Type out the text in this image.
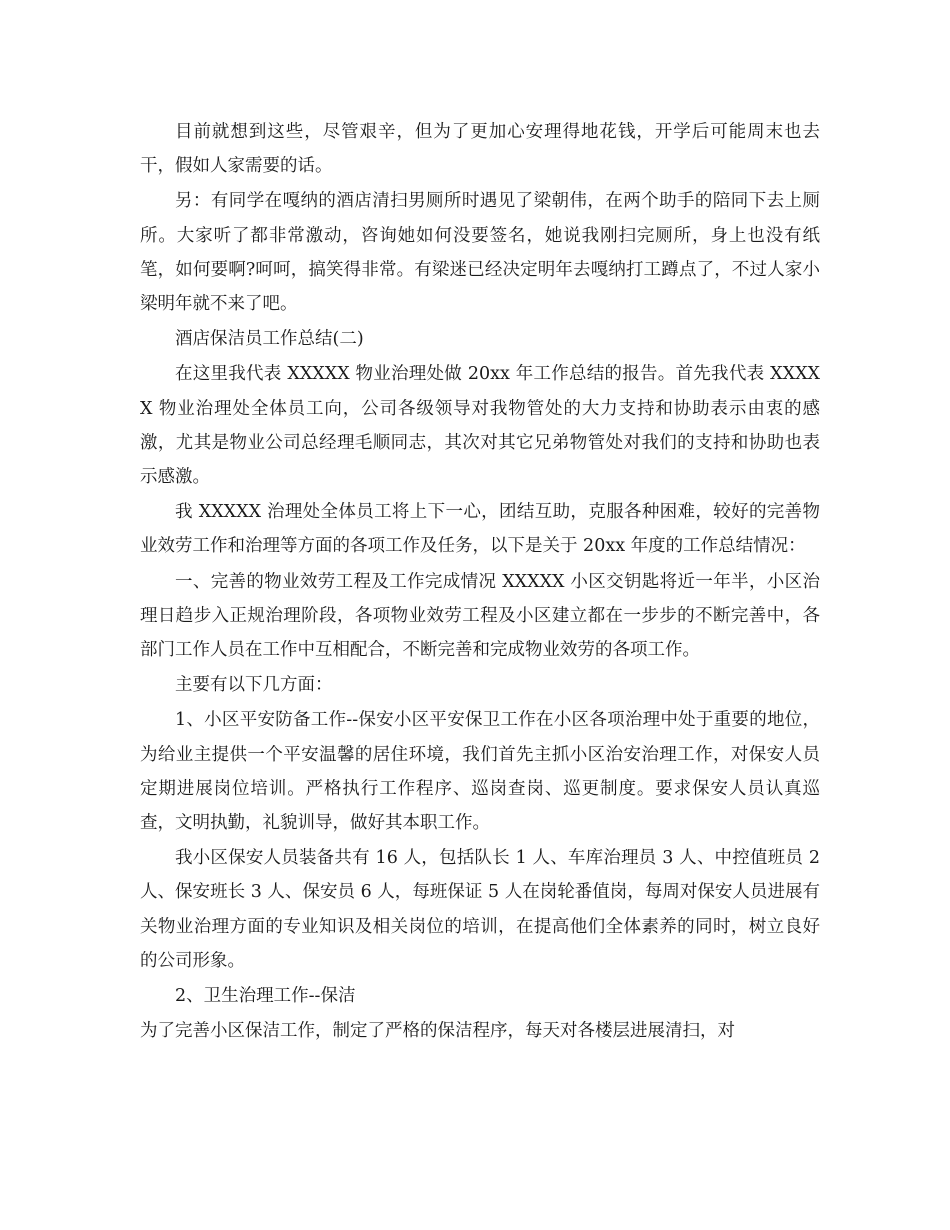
目前就想到这些，尽管艰辛，但为了更加心安理得地花钱，开学后可能周末也去干，假如人家需要的话。

另：有同学在嘎纳的酒店清扫男厕所时遇见了梁朝伟，在两个助手的陪同下去上厕所。大家听了都非常激动，咨询她如何没要签名，她说我刚扫完厕所，身上也没有纸笔，如何要啊?呵呵，搞笑得非常。有梁迷已经决定明年去嘎纳打工蹲点了，不过人家小梁明年就不来了吧。

酒店保洁员工作总结(二)

在这里我代表 XXXXX 物业治理处做 20xx 年工作总结的报告。首先我代表 XXXXX 物业治理处全体员工向，公司各级领导对我物管处的大力支持和协助表示由衷的感激，尤其是物业公司总经理毛顺同志，其次对其它兄弟物管处对我们的支持和协助也表示感激。

我 XXXXX 治理处全体员工将上下一心，团结互助，克服各种困难，较好的完善物业效劳工作和治理等方面的各项工作及任务，以下是关于 20xx 年度的工作总结情况：

一、完善的物业效劳工程及工作完成情况 XXXXX 小区交钥匙将近一年半，小区治理日趋步入正规治理阶段，各项物业效劳工程及小区建立都在一步步的不断完善中，各部门工作人员在工作中互相配合，不断完善和完成物业效劳的各项工作。

主要有以下几方面：

1、小区平安防备工作--保安小区平安保卫工作在小区各项治理中处于重要的地位，为给业主提供一个平安温馨的居住环境，我们首先主抓小区治安治理工作，对保安人员定期进展岗位培训。严格执行工作程序、巡岗查岗、巡更制度。要求保安人员认真巡查，文明执勤，礼貌训导，做好其本职工作。

我小区保安人员装备共有 16 人，包括队长 1 人、车库治理员 3 人、中控值班员 2 人、保安班长 3 人、保安员 6 人，每班保证 5 人在岗轮番值岗，每周对保安人员进展有关物业治理方面的专业知识及相关岗位的培训，在提高他们全体素养的同时，树立良好的公司形象。

2、卫生治理工作--保洁

为了完善小区保洁工作，制定了严格的保洁程序，每天对各楼层进展清扫，对
